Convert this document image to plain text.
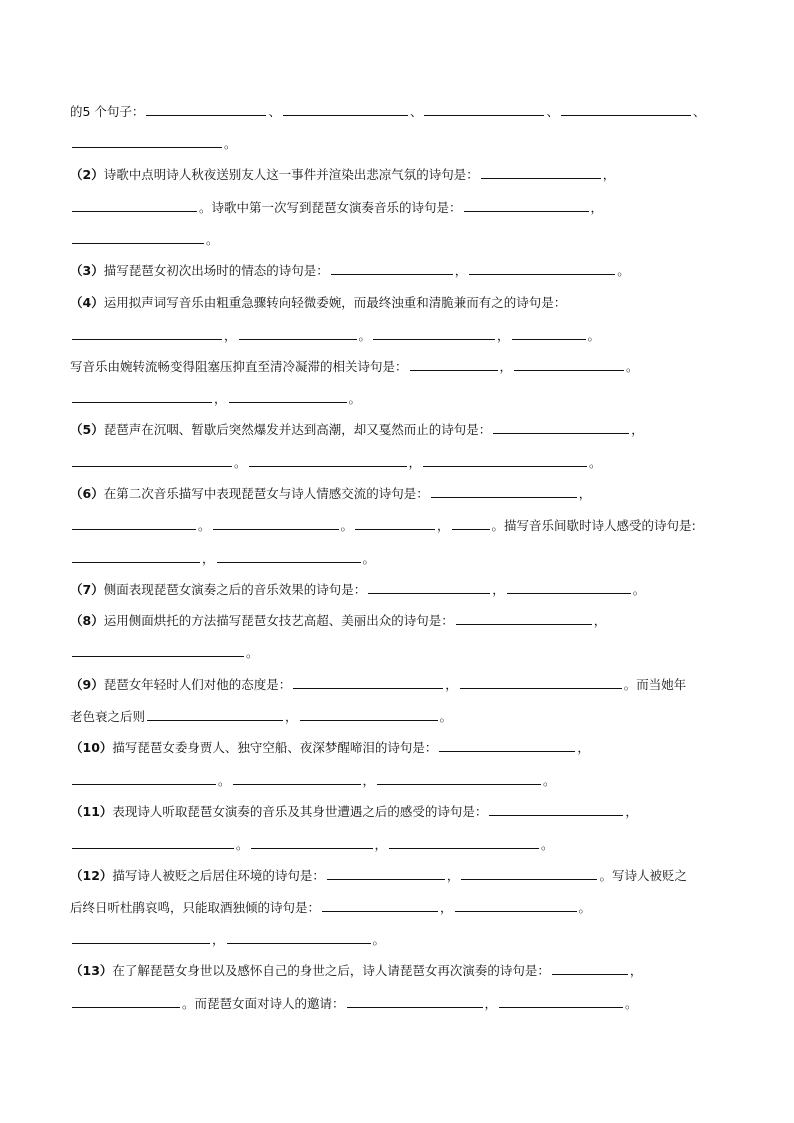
的5 个句子：	、	、	、	、
。
（2）诗歌中点明诗人秋夜送别友人这一事件并渲染出悲凉气氛的诗句是：	，
。诗歌中第一次写到琵琶女演奏音乐的诗句是：	，
。
（3）描写琵琶女初次出场时的情态的诗句是：	，	。
（4）运用拟声词写音乐由粗重急骤转向轻微委婉，而最终浊重和清脆兼而有之的诗句是：
，	。	，	。
写音乐由婉转流畅变得阻塞压抑直至清冷凝滞的相关诗句是：	，	。
，	。
（5）琵琶声在沉咽、暂歇后突然爆发并达到高潮，却又戛然而止的诗句是：	，
。	，	。
（6）在第二次音乐描写中表现琵琶女与诗人情感交流的诗句是：	，
。	。	，	。描写音乐间歇时诗人感受的诗句是:
，	。
（7）侧面表现琵琶女演奏之后的音乐效果的诗句是：	，	。
（8）运用侧面烘托的方法描写琵琶女技艺高超、美丽出众的诗句是：	，
。
（9）琵琶女年轻时人们对他的态度是：	，	。而当她年
老色衰之后则	，	。
（10）描写琵琶女委身贾人、独守空船、夜深梦醒啼泪的诗句是：	，
。	，	。
（11）表现诗人听取琵琶女演奏的音乐及其身世遭遇之后的感受的诗句是：	，
。	，	。
（12）描写诗人被贬之后居住环境的诗句是：	，	。写诗人被贬之
后终日听杜鹃哀鸣，只能取酒独倾的诗句是：	，	。
，	。
（13）在了解琵琶女身世以及感怀自己的身世之后，诗人请琵琶女再次演奏的诗句是：	，
。而琵琶女面对诗人的邀请：	，	。
